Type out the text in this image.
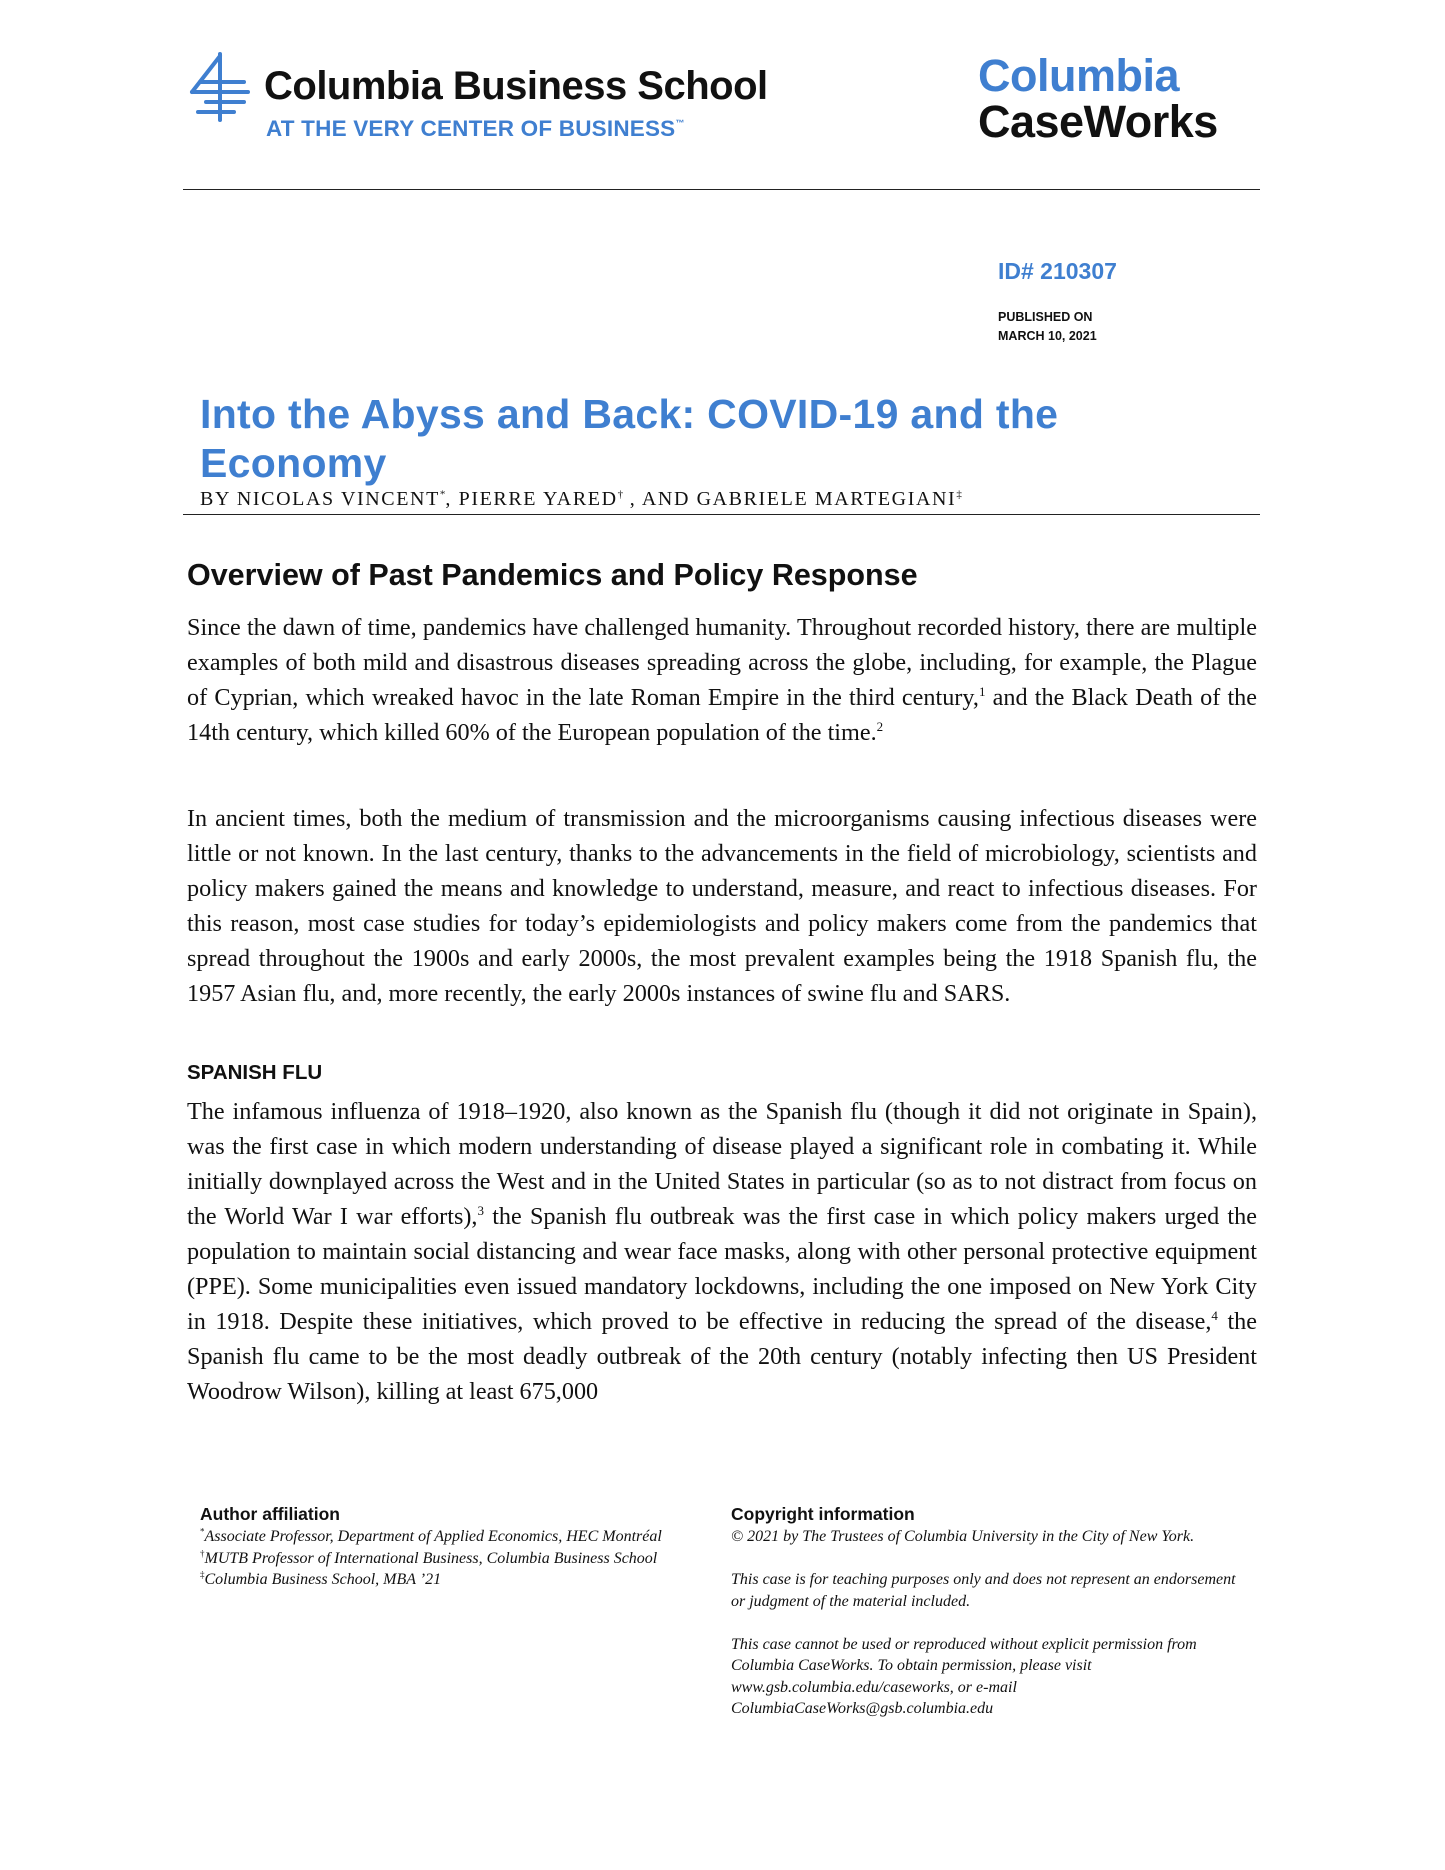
Columbia Business School
AT THE VERY CENTER OF BUSINESS™
Columbia
CaseWorks
ID# 210307
PUBLISHED ON
MARCH 10, 2021
Into the Abyss and Back: COVID-19 and the Economy
BY NICOLAS VINCENT*, PIERRE YARED† , AND GABRIELE MARTEGIANI‡
Overview of Past Pandemics and Policy Response
Since the dawn of time, pandemics have challenged humanity. Throughout recorded history, there are multiple examples of both mild and disastrous diseases spreading across the globe, including, for example, the Plague of Cyprian, which wreaked havoc in the late Roman Empire in the third century,$^1$ and the Black Death of the 14th century, which killed 60% of the European population of the time.$^2$
In ancient times, both the medium of transmission and the microorganisms causing infectious diseases were little or not known. In the last century, thanks to the advancements in the field of microbiology, scientists and policy makers gained the means and knowledge to understand, measure, and react to infectious diseases. For this reason, most case studies for today’s epidemiologists and policy makers come from the pandemics that spread throughout the 1900s and early 2000s, the most prevalent examples being the 1918 Spanish flu, the 1957 Asian flu, and, more recently, the early 2000s instances of swine flu and SARS.
SPANISH FLU
The infamous influenza of 1918–1920, also known as the Spanish flu (though it did not originate in Spain), was the first case in which modern understanding of disease played a significant role in combating it. While initially downplayed across the West and in the United States in particular (so as to not distract from focus on the World War I war efforts),$^3$ the Spanish flu outbreak was the first case in which policy makers urged the population to maintain social distancing and wear face masks, along with other personal protective equipment (PPE). Some municipalities even issued mandatory lockdowns, including the one imposed on New York City in 1918. Despite these initiatives, which proved to be effective in reducing the spread of the disease,$^4$ the Spanish flu came to be the most deadly outbreak of the 20th century (notably infecting then US President Woodrow Wilson), killing at least 675,000
Author affiliation
*Associate Professor, Department of Applied Economics, HEC Montréal
†MUTB Professor of International Business, Columbia Business School
‡Columbia Business School, MBA ’21
Copyright information
© 2021 by The Trustees of Columbia University in the City of New York.
This case is for teaching purposes only and does not represent an endorsement or judgment of the material included.
This case cannot be used or reproduced without explicit permission from Columbia CaseWorks. To obtain permission, please visit www.gsb.columbia.edu/caseworks, or e-mail ColumbiaCaseWorks@gsb.columbia.edu
